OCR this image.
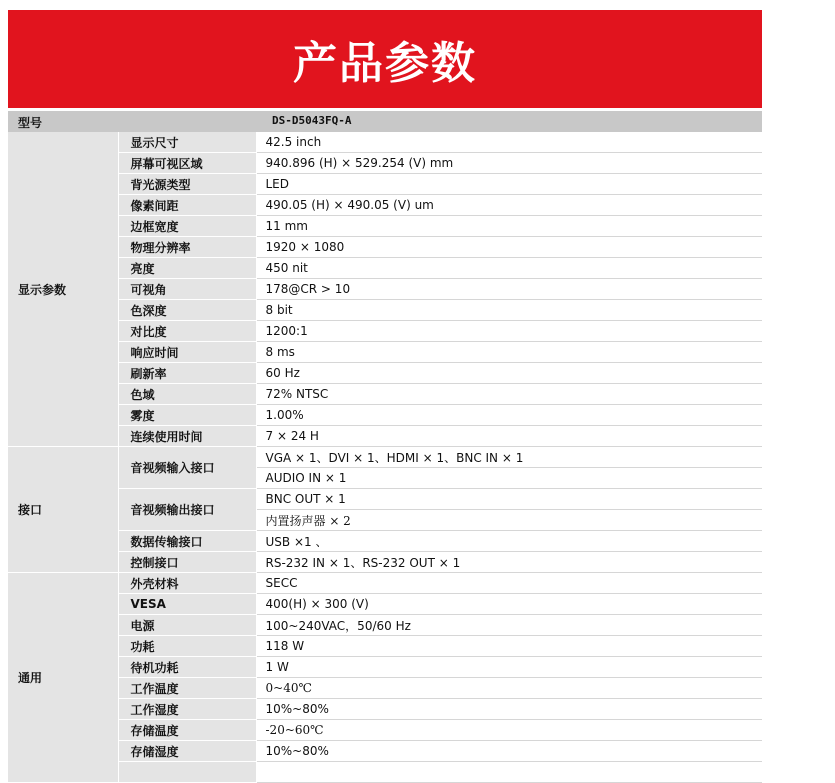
产品参数
型号	DS-D5043FQ-A
显示参数	显示尺寸	42.5 inch
	屏幕可视区域	940.896 (H) × 529.254 (V) mm
	背光源类型	LED
	像素间距	490.05 (H) × 490.05 (V) um
	边框宽度	11 mm
	物理分辨率	1920 × 1080
	亮度	450 nit
	可视角	178@CR > 10
	色深度	8 bit
	对比度	1200:1
	响应时间	8 ms
	刷新率	60 Hz
	色域	72% NTSC
	雾度	1.00%
	连续使用时间	7 × 24 H
接口	音视频输入接口	VGA × 1、DVI × 1、HDMI × 1、BNC IN × 1
		AUDIO IN × 1
	音视频输出接口	BNC OUT × 1
		内置扬声器 × 2
	数据传输接口	USB ×1 、
	控制接口	RS-232 IN × 1、RS-232 OUT × 1
通用	外壳材料	SECC
	VESA	400(H) × 300 (V)
	电源	100~240VAC，50/60 Hz
	功耗	118 W
	待机功耗	1 W
	工作温度	0~40℃
	工作湿度	10%~80%
	存储温度	-20~60℃
	存储湿度	10%~80%
